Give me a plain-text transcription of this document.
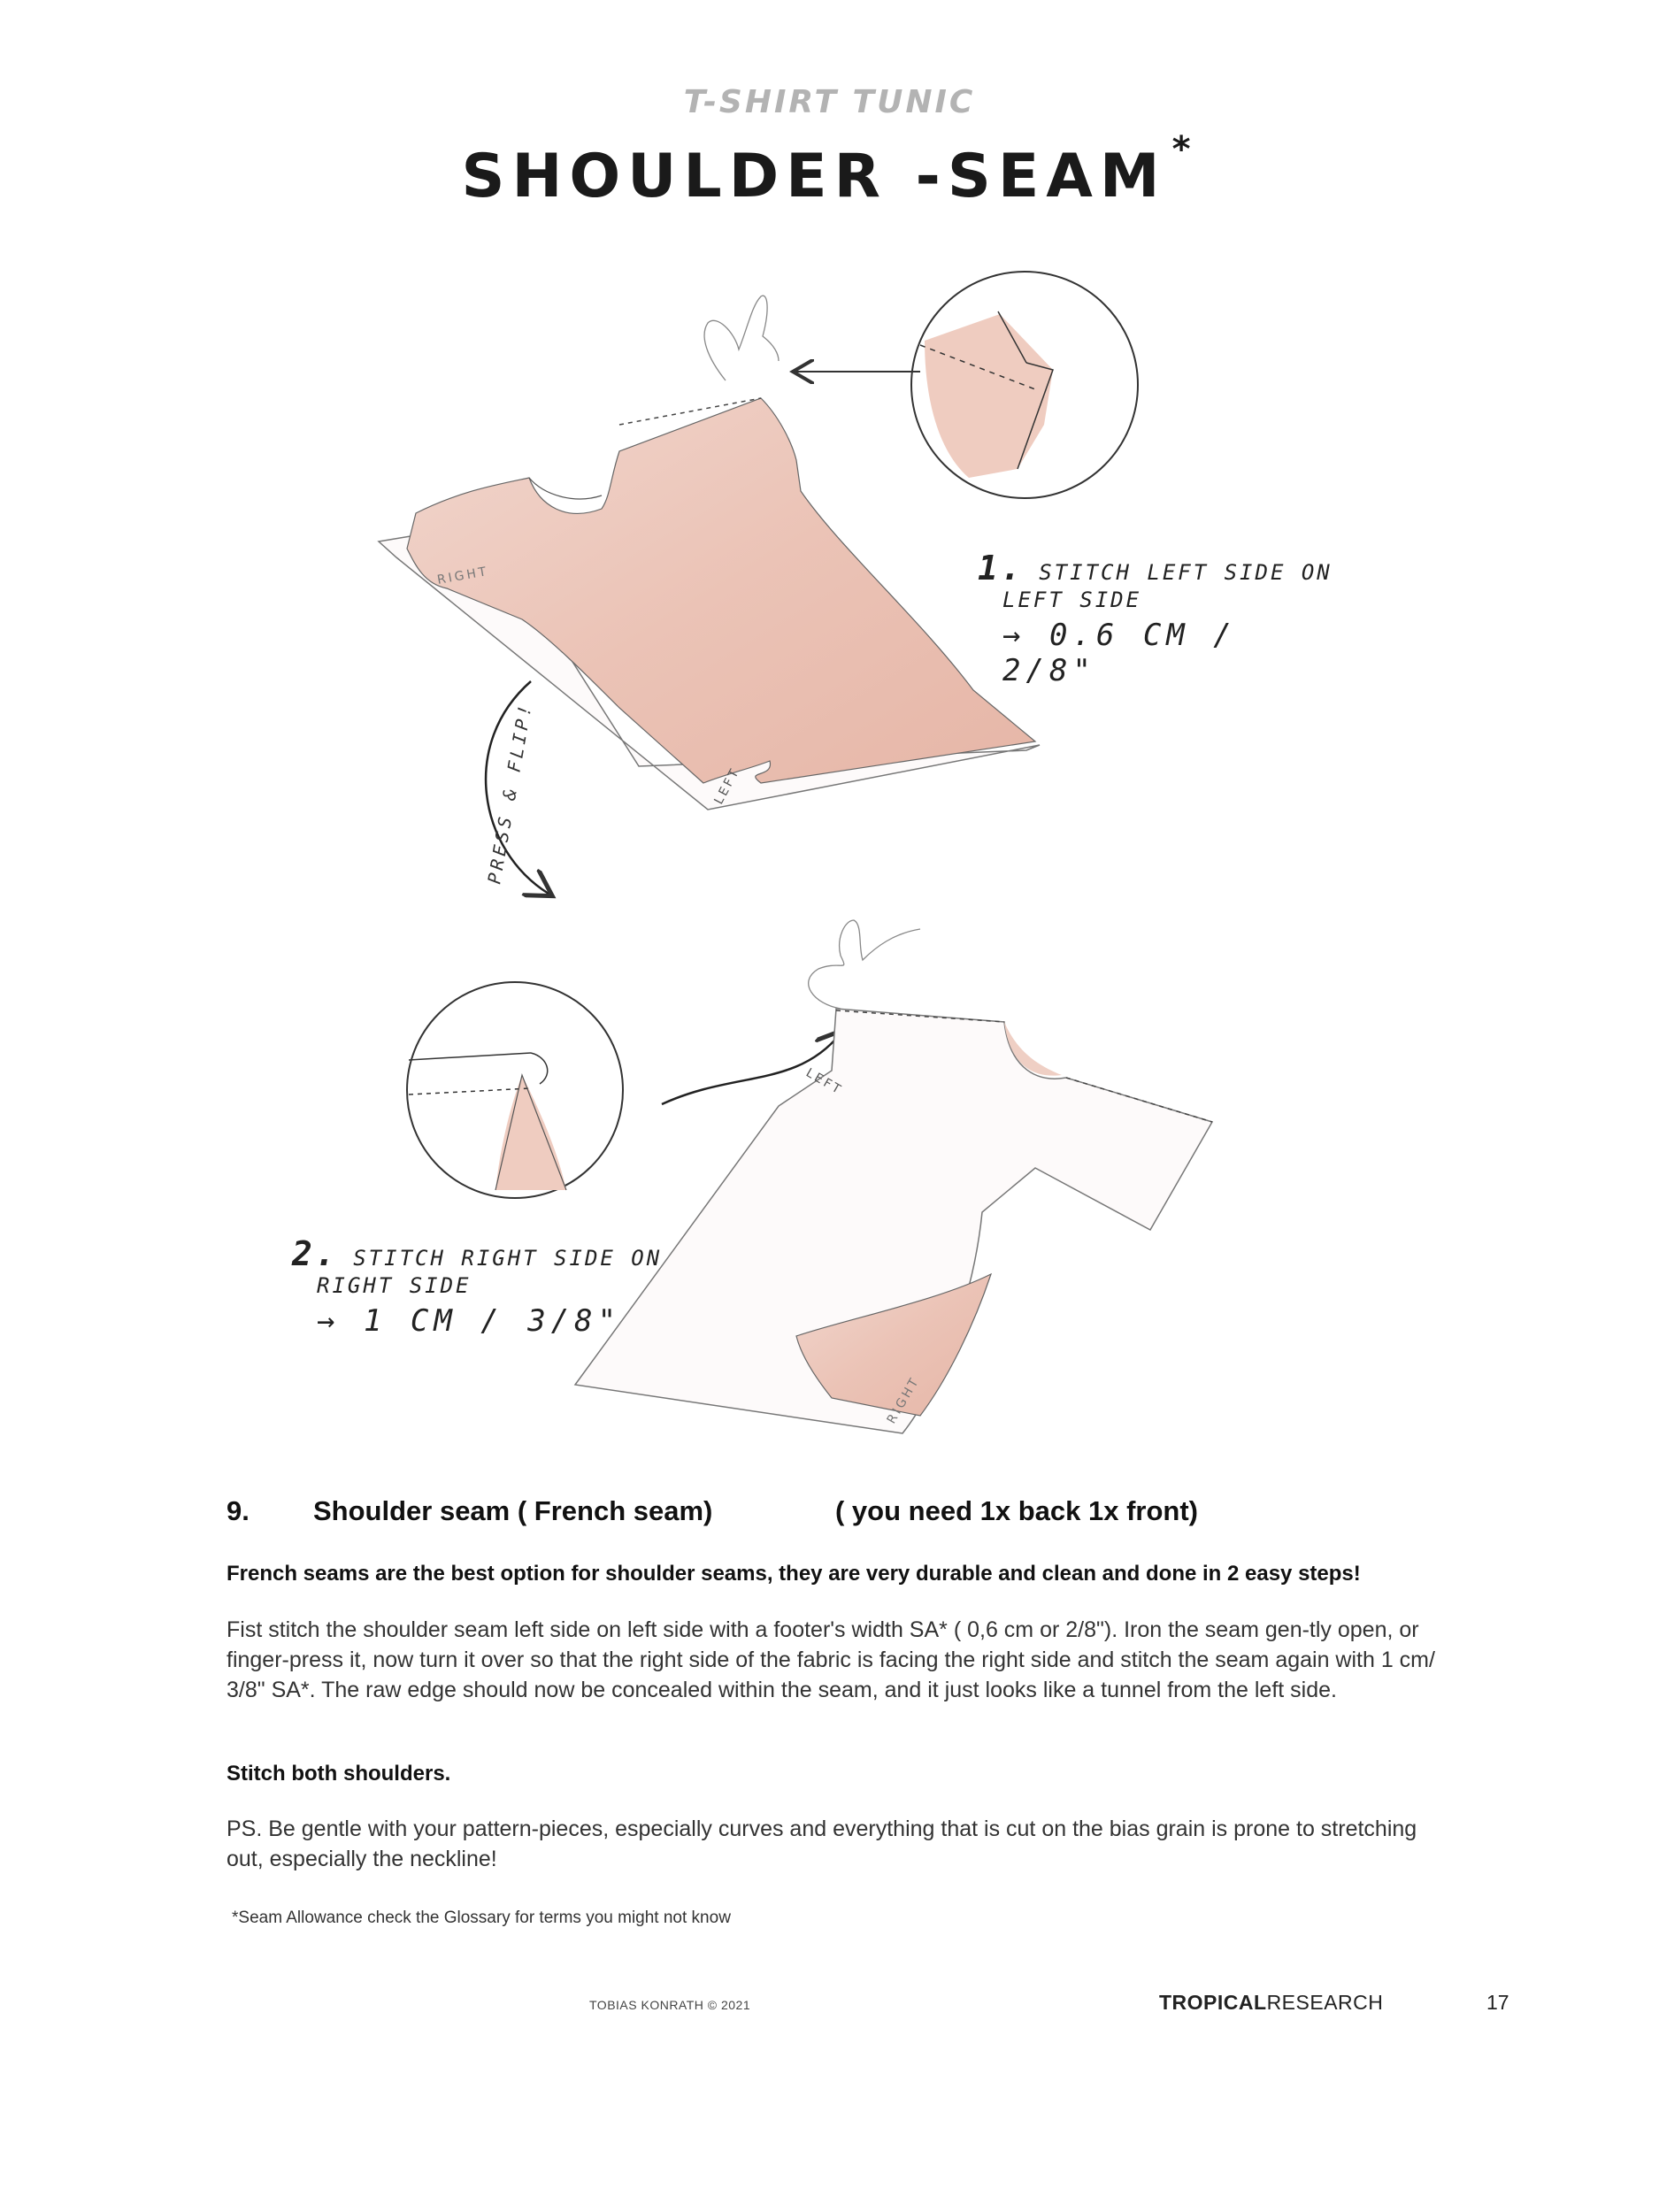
T-SHIRT TUNIC
SHOULDER -SEAM *
RIGHT
LEFT
PRESS & FLIP!
LEFT
RIGHT
1. STITCH LEFT SIDE ON
LEFT SIDE
→ 0.6 CM / 2/8"
2. STITCH RIGHT SIDE ON
RIGHT SIDE
→ 1 CM / 3/8"
9. Shoulder seam ( French seam)	( you need 1x back 1x front)
French seams are the best option for shoulder seams, they are very durable and clean and done in 2 easy steps!

Fist stitch the shoulder seam left side on left side with a footer's width SA* ( 0,6 cm or 2/8"). Iron the seam gen-tly open, or finger-press it, now turn it over so that the right side of the fabric is facing the right side and stitch the seam again with 1 cm/ 3/8" SA*. The raw edge should now be concealed within the seam, and it just looks like a tunnel from the left side.

Stitch both shoulders.

PS. Be gentle with your pattern-pieces, especially curves and everything that is cut on the bias grain is prone to stretching out, especially the neckline!

*Seam Allowance check the Glossary for terms you might not know
TOBIAS KONRATH © 2021	TROPICALRESEARCH	17
